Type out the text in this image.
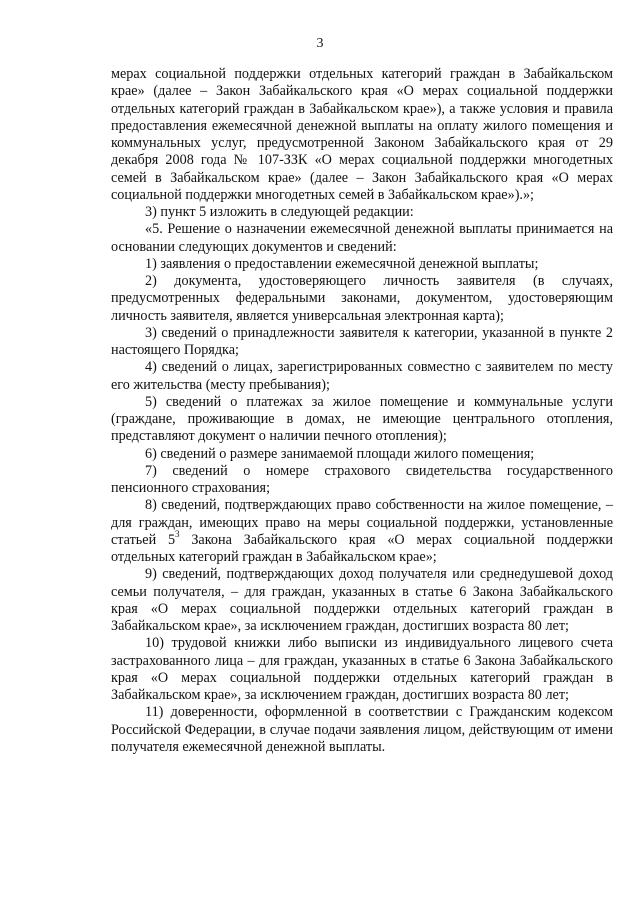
3

мерах социальной поддержки отдельных категорий граждан в Забайкальском крае» (далее – Закон Забайкальского края «О мерах социальной поддержки отдельных категорий граждан в Забайкальском крае»), а также условия и правила предоставления ежемесячной денежной выплаты на оплату жилого помещения и коммунальных услуг, предусмотренной Законом Забайкальского края от 29 декабря 2008 года № 107-ЗЗК «О мерах социальной поддержки многодетных семей в Забайкальском крае» (далее – Закон Забайкальского края «О мерах социальной поддержки многодетных семей в Забайкальском крае»).»;

3) пункт 5 изложить в следующей редакции:

«5. Решение о назначении ежемесячной денежной выплаты принимается на основании следующих документов и сведений:

1) заявления о предоставлении ежемесячной денежной выплаты;

2) документа, удостоверяющего личность заявителя (в случаях, предусмотренных федеральными законами, документом, удостоверяющим личность заявителя, является универсальная электронная карта);

3) сведений о принадлежности заявителя к категории, указанной в пункте 2 настоящего Порядка;

4) сведений о лицах, зарегистрированных совместно с заявителем по месту его жительства (месту пребывания);

5) сведений о платежах за жилое помещение и коммунальные услуги (граждане, проживающие в домах, не имеющие центрального отопления, представляют документ о наличии печного отопления);

6) сведений о размере занимаемой площади жилого помещения;

7) сведений о номере страхового свидетельства государственного пенсионного страхования;

8) сведений, подтверждающих право собственности на жилое помещение, – для граждан, имеющих право на меры социальной поддержки, установленные статьей $5^3$ Закона Забайкальского края «О мерах социальной поддержки отдельных категорий граждан в Забайкальском крае»;

9) сведений, подтверждающих доход получателя или среднедушевой доход семьи получателя, – для граждан, указанных в статье 6 Закона Забайкальского края «О мерах социальной поддержки отдельных категорий граждан в Забайкальском крае», за исключением граждан, достигших возраста 80 лет;

10) трудовой книжки либо выписки из индивидуального лицевого счета застрахованного лица – для граждан, указанных в статье 6 Закона Забайкальского края «О мерах социальной поддержки отдельных категорий граждан в Забайкальском крае», за исключением граждан, достигших возраста 80 лет;

11) доверенности, оформленной в соответствии с Гражданским кодексом Российской Федерации, в случае подачи заявления лицом, действующим от имени получателя ежемесячной денежной выплаты.
